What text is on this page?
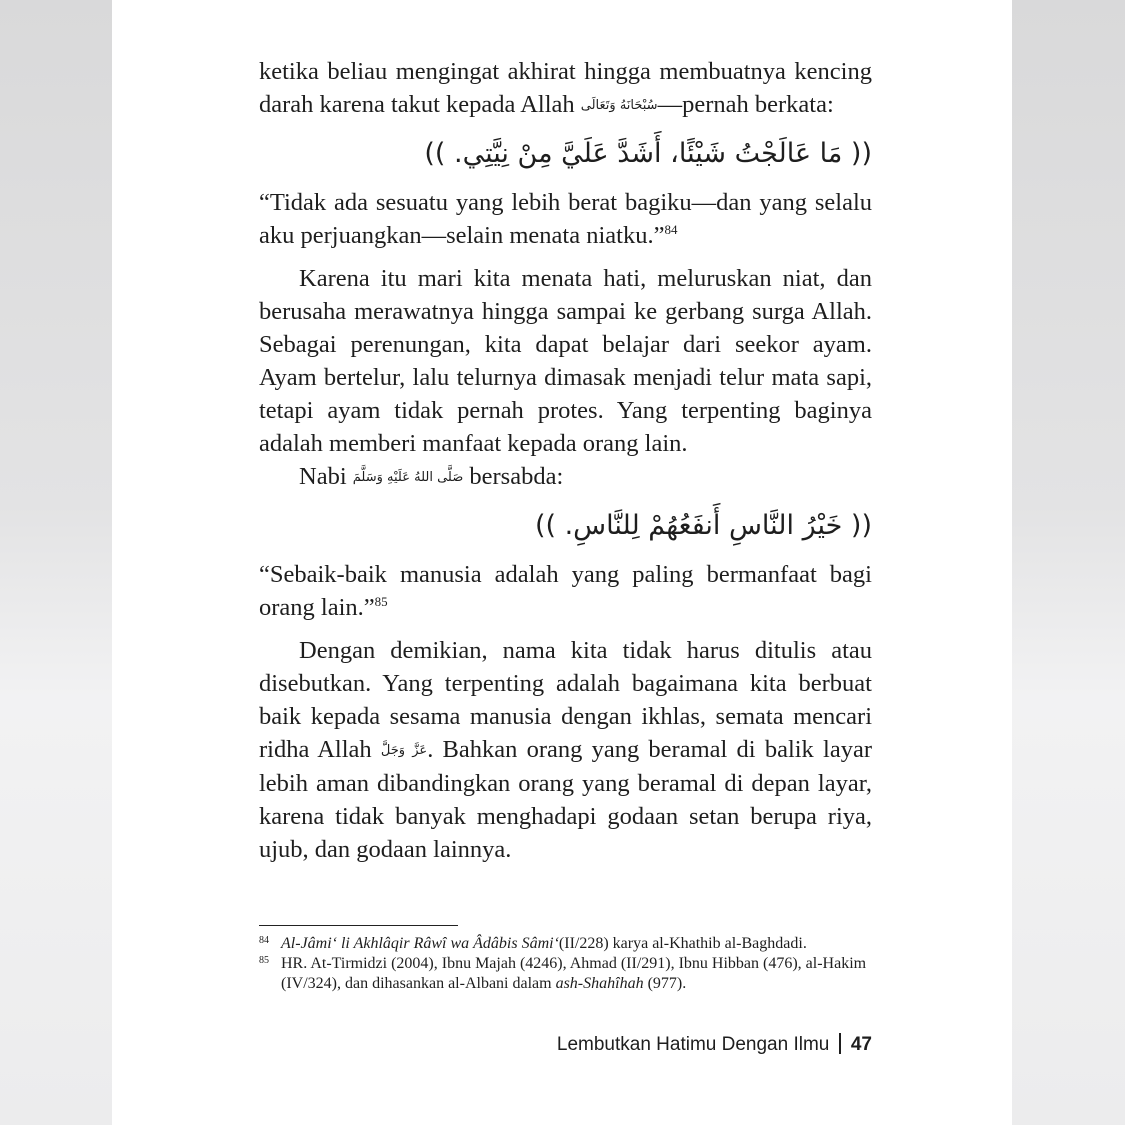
ketika beliau mengingat akhirat hingga membuatnya kencing darah karena takut kepada Allah سُبْحَانَهُ وَتَعَالَى—pernah berkata:

(( مَا عَالَجْتُ شَيْئًا، أَشَدَّ عَلَيَّ مِنْ نِيَّتِي. ))

“Tidak ada sesuatu yang lebih berat bagiku—dan yang selalu aku perjuangkan—selain menata niatku.”$^{84}$

Karena itu mari kita menata hati, meluruskan niat, dan berusaha merawatnya hingga sampai ke gerbang surga Allah. Sebagai perenungan, kita dapat belajar dari seekor ayam. Ayam bertelur, lalu telurnya dimasak menjadi telur mata sapi, tetapi ayam tidak pernah protes. Yang terpenting baginya adalah memberi manfaat kepada orang lain.

Nabi صَلَّى اللهُ عَلَيْهِ وَسَلَّمَ bersabda:

(( خَيْرُ النَّاسِ أَنفَعُهُمْ لِلنَّاسِ. ))

“Sebaik-baik manusia adalah yang paling bermanfaat bagi orang lain.”$^{85}$

Dengan demikian, nama kita tidak harus ditulis atau disebutkan. Yang terpenting adalah bagaimana kita berbuat baik kepada sesama manusia dengan ikhlas, semata mencari ridha Allah عَزَّ وَجَلَّ. Bahkan orang yang beramal di balik layar lebih aman dibandingkan orang yang beramal di depan layar, karena tidak banyak menghadapi godaan setan berupa riya, ujub, dan godaan lainnya.

84 Al-Jâmi‘ li Akhlâqir Râwî wa Âdâbis Sâmi‘(II/228) karya al-Khathib al-Baghdadi.
85 HR. At-Tirmidzi (2004), Ibnu Majah (4246), Ahmad (II/291), Ibnu Hibban (476), al-Hakim (IV/324), dan dihasankan al-Albani dalam ash-Shahîhah (977).
Lembutkan Hatimu Dengan Ilmu 47
